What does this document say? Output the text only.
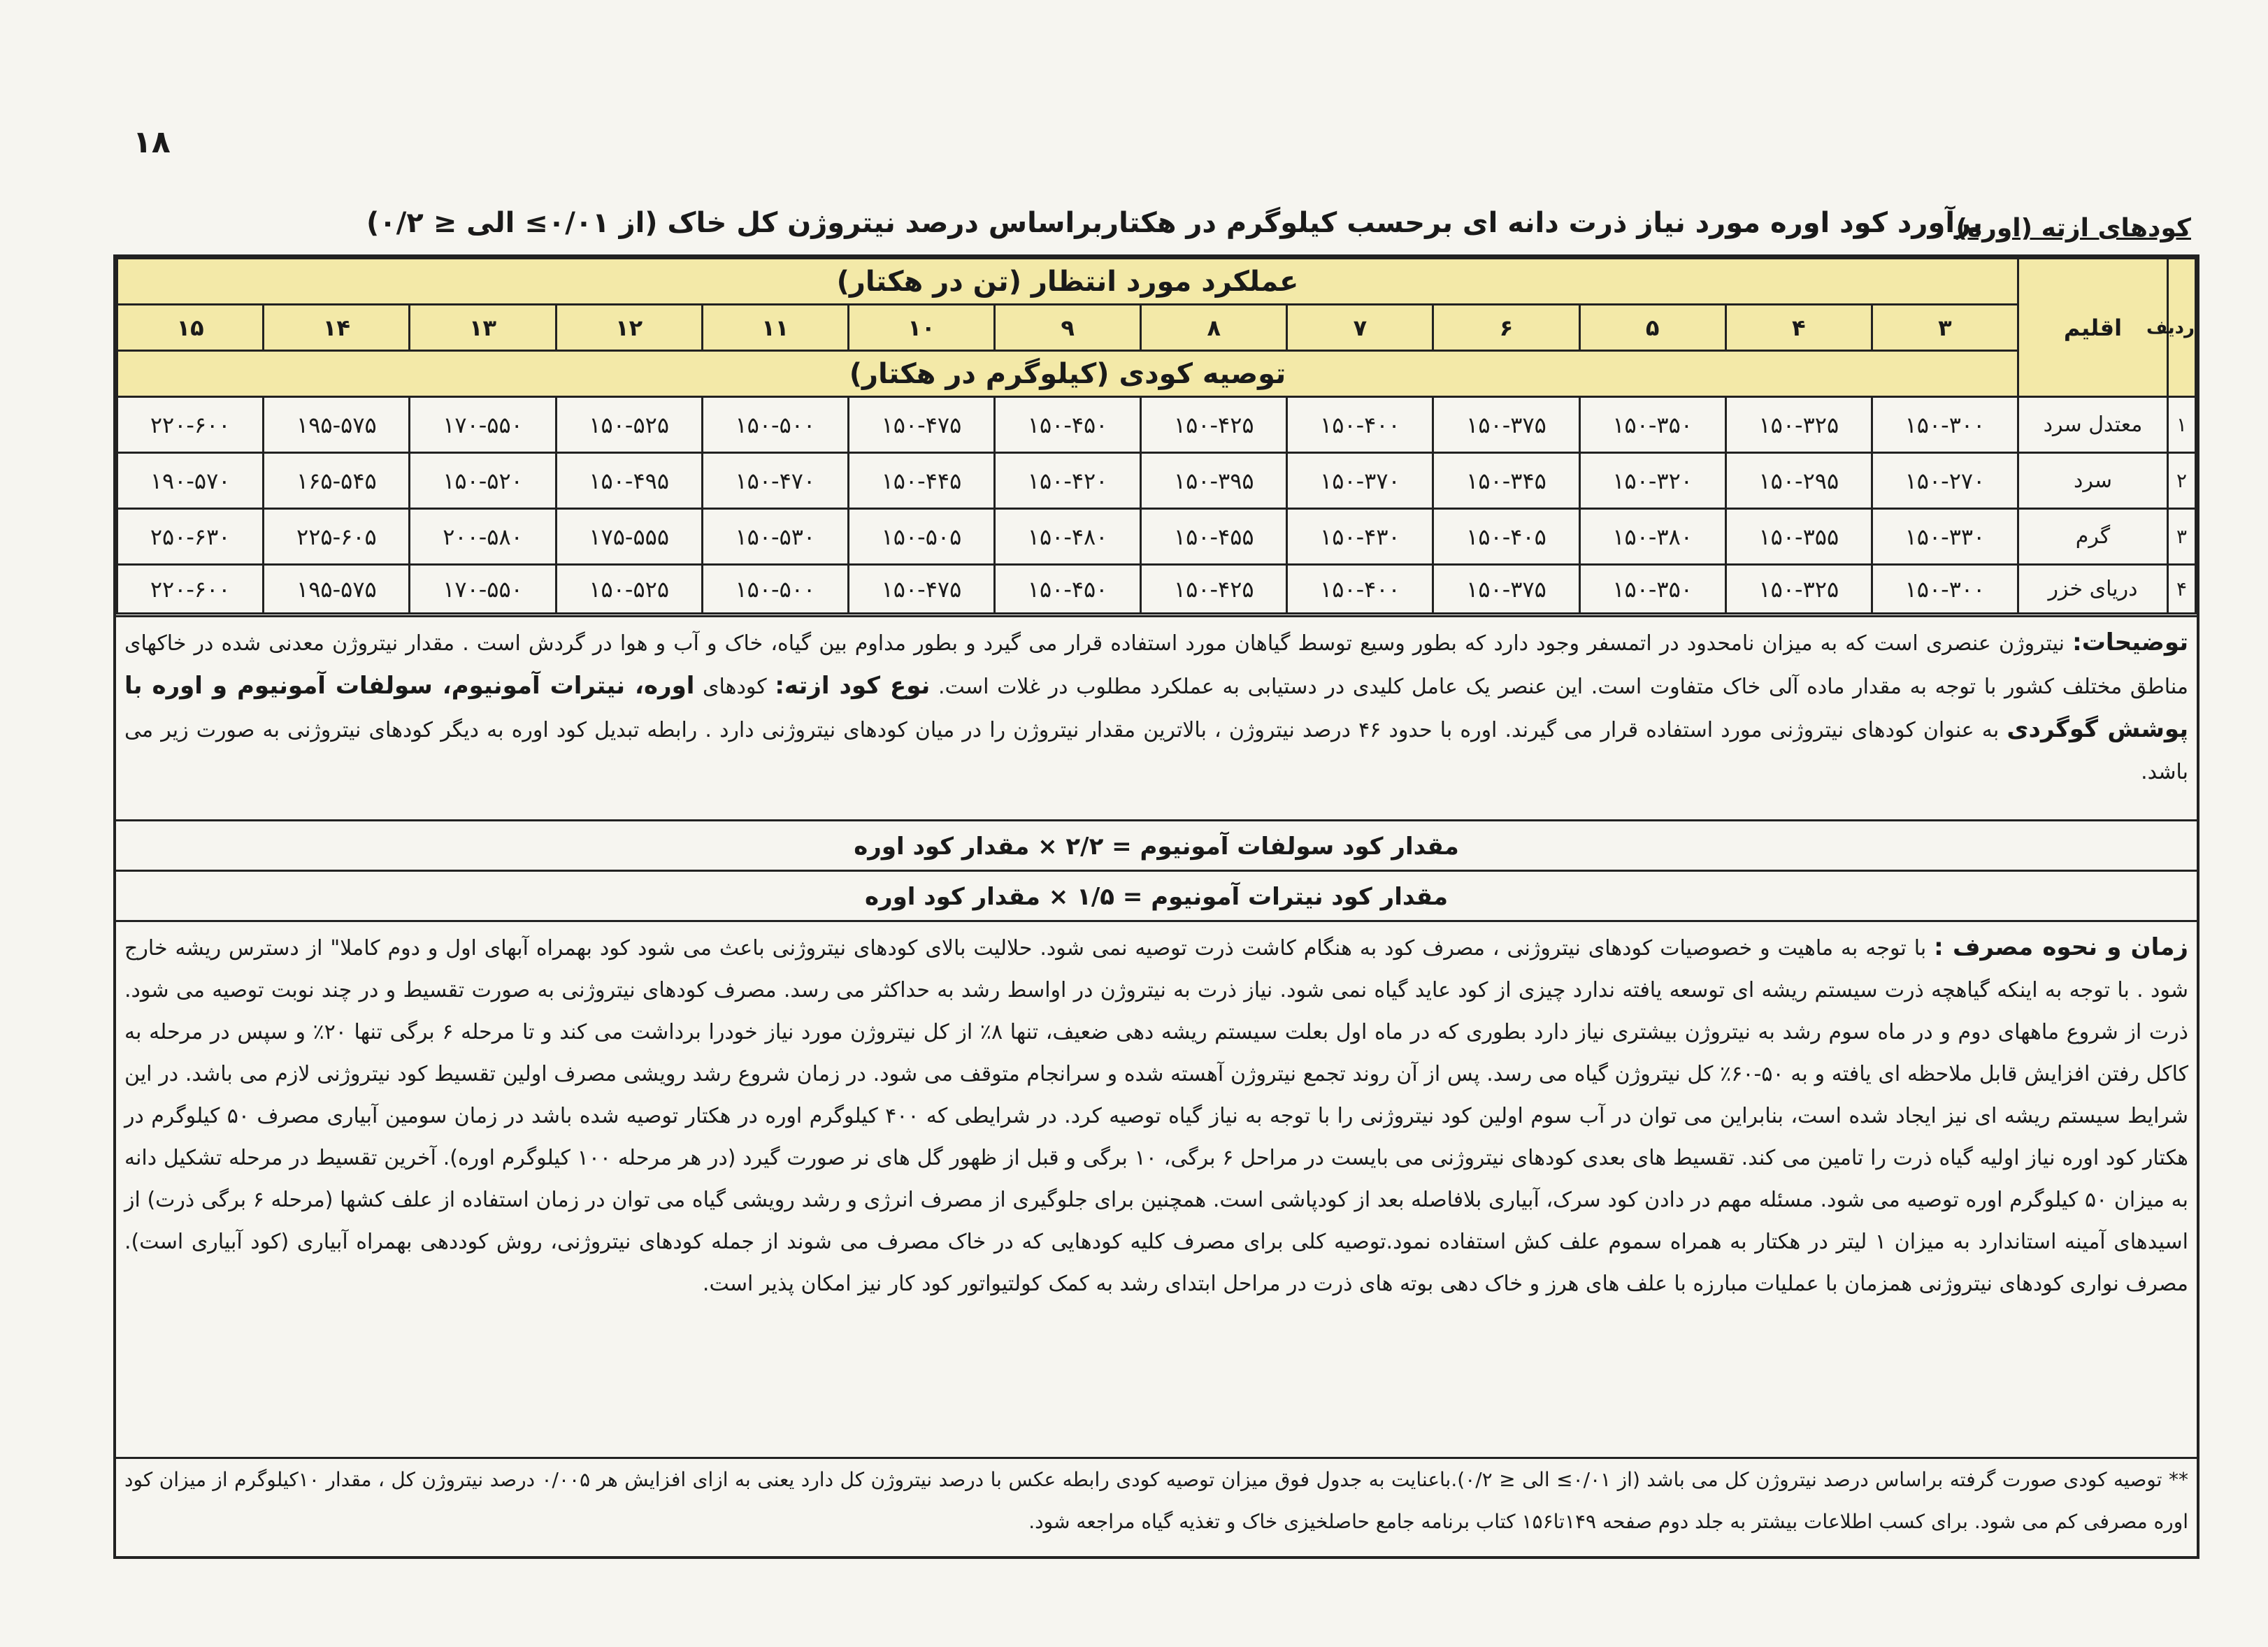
۱۸
برآورد کود اوره مورد نیاز ذرت دانه ای برحسب کیلوگرم در هکتاربراساس درصد نیتروژن کل خاک (از ۰/۰۱≥ الی ≤ ۰/۲)
کودهای ازته (اوره)
ردیف	اقلیم	عملکرد مورد انتظار (تن در هکتار)												
		۳	۴	۵	۶	۷	۸	۹	۱۰	۱۱	۱۲	۱۳	۱۴	۱۵
		توصیه کودی (کیلوگرم در هکتار)												
۱	معتدل سرد	۱۵۰-۳۰۰	۱۵۰-۳۲۵	۱۵۰-۳۵۰	۱۵۰-۳۷۵	۱۵۰-۴۰۰	۱۵۰-۴۲۵	۱۵۰-۴۵۰	۱۵۰-۴۷۵	۱۵۰-۵۰۰	۱۵۰-۵۲۵	۱۷۰-۵۵۰	۱۹۵-۵۷۵	۲۲۰-۶۰۰
۲	سرد	۱۵۰-۲۷۰	۱۵۰-۲۹۵	۱۵۰-۳۲۰	۱۵۰-۳۴۵	۱۵۰-۳۷۰	۱۵۰-۳۹۵	۱۵۰-۴۲۰	۱۵۰-۴۴۵	۱۵۰-۴۷۰	۱۵۰-۴۹۵	۱۵۰-۵۲۰	۱۶۵-۵۴۵	۱۹۰-۵۷۰
۳	گرم	۱۵۰-۳۳۰	۱۵۰-۳۵۵	۱۵۰-۳۸۰	۱۵۰-۴۰۵	۱۵۰-۴۳۰	۱۵۰-۴۵۵	۱۵۰-۴۸۰	۱۵۰-۵۰۵	۱۵۰-۵۳۰	۱۷۵-۵۵۵	۲۰۰-۵۸۰	۲۲۵-۶۰۵	۲۵۰-۶۳۰
۴	دریای خزر	۱۵۰-۳۰۰	۱۵۰-۳۲۵	۱۵۰-۳۵۰	۱۵۰-۳۷۵	۱۵۰-۴۰۰	۱۵۰-۴۲۵	۱۵۰-۴۵۰	۱۵۰-۴۷۵	۱۵۰-۵۰۰	۱۵۰-۵۲۵	۱۷۰-۵۵۰	۱۹۵-۵۷۵	۲۲۰-۶۰۰
توضیحات: نیتروژن عنصری است که به میزان نامحدود در اتمسفر وجود دارد که بطور وسیع توسط گیاهان مورد استفاده قرار می گیرد و بطور مداوم بین گیاه، خاک و آب و هوا در گردش است . مقدار نیتروژن معدنی شده در خاکهای مناطق مختلف کشور با توجه به مقدار ماده آلی خاک متفاوت است. این عنصر یک عامل کلیدی در دستیابی به عملکرد مطلوب در غلات است. نوع کود ازته: کودهای اوره، نیترات آمونیوم، سولفات آمونیوم و اوره با پوشش گوگردی به عنوان کودهای نیتروژنی مورد استفاده قرار می گیرند. اوره با حدود ۴۶ درصد نیتروژن ، بالاترین مقدار نیتروژن را در میان کودهای نیتروژنی دارد . رابطه تبدیل کود اوره به دیگر کودهای نیتروژنی به صورت زیر می باشد.
مقدار کود سولفات آمونیوم = ۲/۲ × مقدار کود اوره
مقدار کود نیترات آمونیوم = ۱/۵ × مقدار کود اوره
زمان و نحوه مصرف : با توجه به ماهیت و خصوصیات کودهای نیتروژنی ، مصرف کود به هنگام کاشت ذرت توصیه نمی شود. حلالیت بالای کودهای نیتروژنی باعث می شود کود بهمراه آبهای اول و دوم کاملا" از دسترس ریشه خارج شود . با توجه به اینکه گیاهچه ذرت سیستم ریشه ای توسعه یافته ندارد چیزی از کود عاید گیاه نمی شود. نیاز ذرت به نیتروژن در اواسط رشد به حداکثر می رسد. مصرف کودهای نیتروژنی به صورت تقسیط و در چند نوبت توصیه می شود. ذرت از شروع ماههای دوم و در ماه سوم رشد به نیتروژن بیشتری نیاز دارد بطوری که در ماه اول بعلت سیستم ریشه دهی ضعیف، تنها ۸٪ از کل نیتروژن مورد نیاز خودرا برداشت می کند و تا مرحله ۶ برگی تنها ۲۰٪ و سپس در مرحله به کاکل رفتن افزایش قابل ملاحظه ای یافته و به ۵۰-۶۰٪ کل نیتروژن گیاه می رسد. پس از آن روند تجمع نیتروژن آهسته شده و سرانجام متوقف می شود. در زمان شروع رشد رویشی مصرف اولین تقسیط کود نیتروژنی لازم می باشد. در این شرایط سیستم ریشه ای نیز ایجاد شده است، بنابراین می توان در آب سوم اولین کود نیتروژنی را با توجه به نیاز گیاه توصیه کرد. در شرایطی که ۴۰۰ کیلوگرم اوره در هکتار توصیه شده باشد در زمان سومین آبیاری مصرف ۵۰ کیلوگرم در هکتار کود اوره نیاز اولیه گیاه ذرت را تامین می کند. تقسیط های بعدی کودهای نیتروژنی می بایست در مراحل ۶ برگی، ۱۰ برگی و قبل از ظهور گل های نر صورت گیرد (در هر مرحله ۱۰۰ کیلوگرم اوره). آخرین تقسیط در مرحله تشکیل دانه به میزان ۵۰ کیلوگرم اوره توصیه می شود. مسئله مهم در دادن کود سرک، آبیاری بلافاصله بعد از کودپاشی است. همچنین برای جلوگیری از مصرف انرژی و رشد رویشی گیاه می توان در زمان استفاده از علف کشها (مرحله ۶ برگی ذرت) از اسیدهای آمینه استاندارد به میزان ۱ لیتر در هکتار به همراه سموم علف کش استفاده نمود.توصیه کلی برای مصرف کلیه کودهایی که در خاک مصرف می شوند از جمله کودهای نیتروژنی، روش کوددهی بهمراه آبیاری (کود آبیاری است). مصرف نواری کودهای نیتروژنی همزمان با عملیات مبارزه با علف های هرز و خاک دهی بوته های ذرت در مراحل ابتدای رشد به کمک کولتیواتور کود کار نیز امکان پذیر است.
** توصیه کودی صورت گرفته براساس درصد نیتروژن کل می باشد (از ۰/۰۱≥ الی ≤ ۰/۲).باعنایت به جدول فوق میزان توصیه کودی رابطه عکس با درصد نیتروژن کل دارد یعنی به ازای افزایش هر ۰/۰۰۵ درصد نیتروژن کل ، مقدار ۱۰کیلوگرم از میزان کود اوره مصرفی کم می شود. برای کسب اطلاعات بیشتر به جلد دوم صفحه ۱۴۹تا۱۵۶ کتاب برنامه جامع حاصلخیزی خاک و تغذیه گیاه مراجعه شود.
